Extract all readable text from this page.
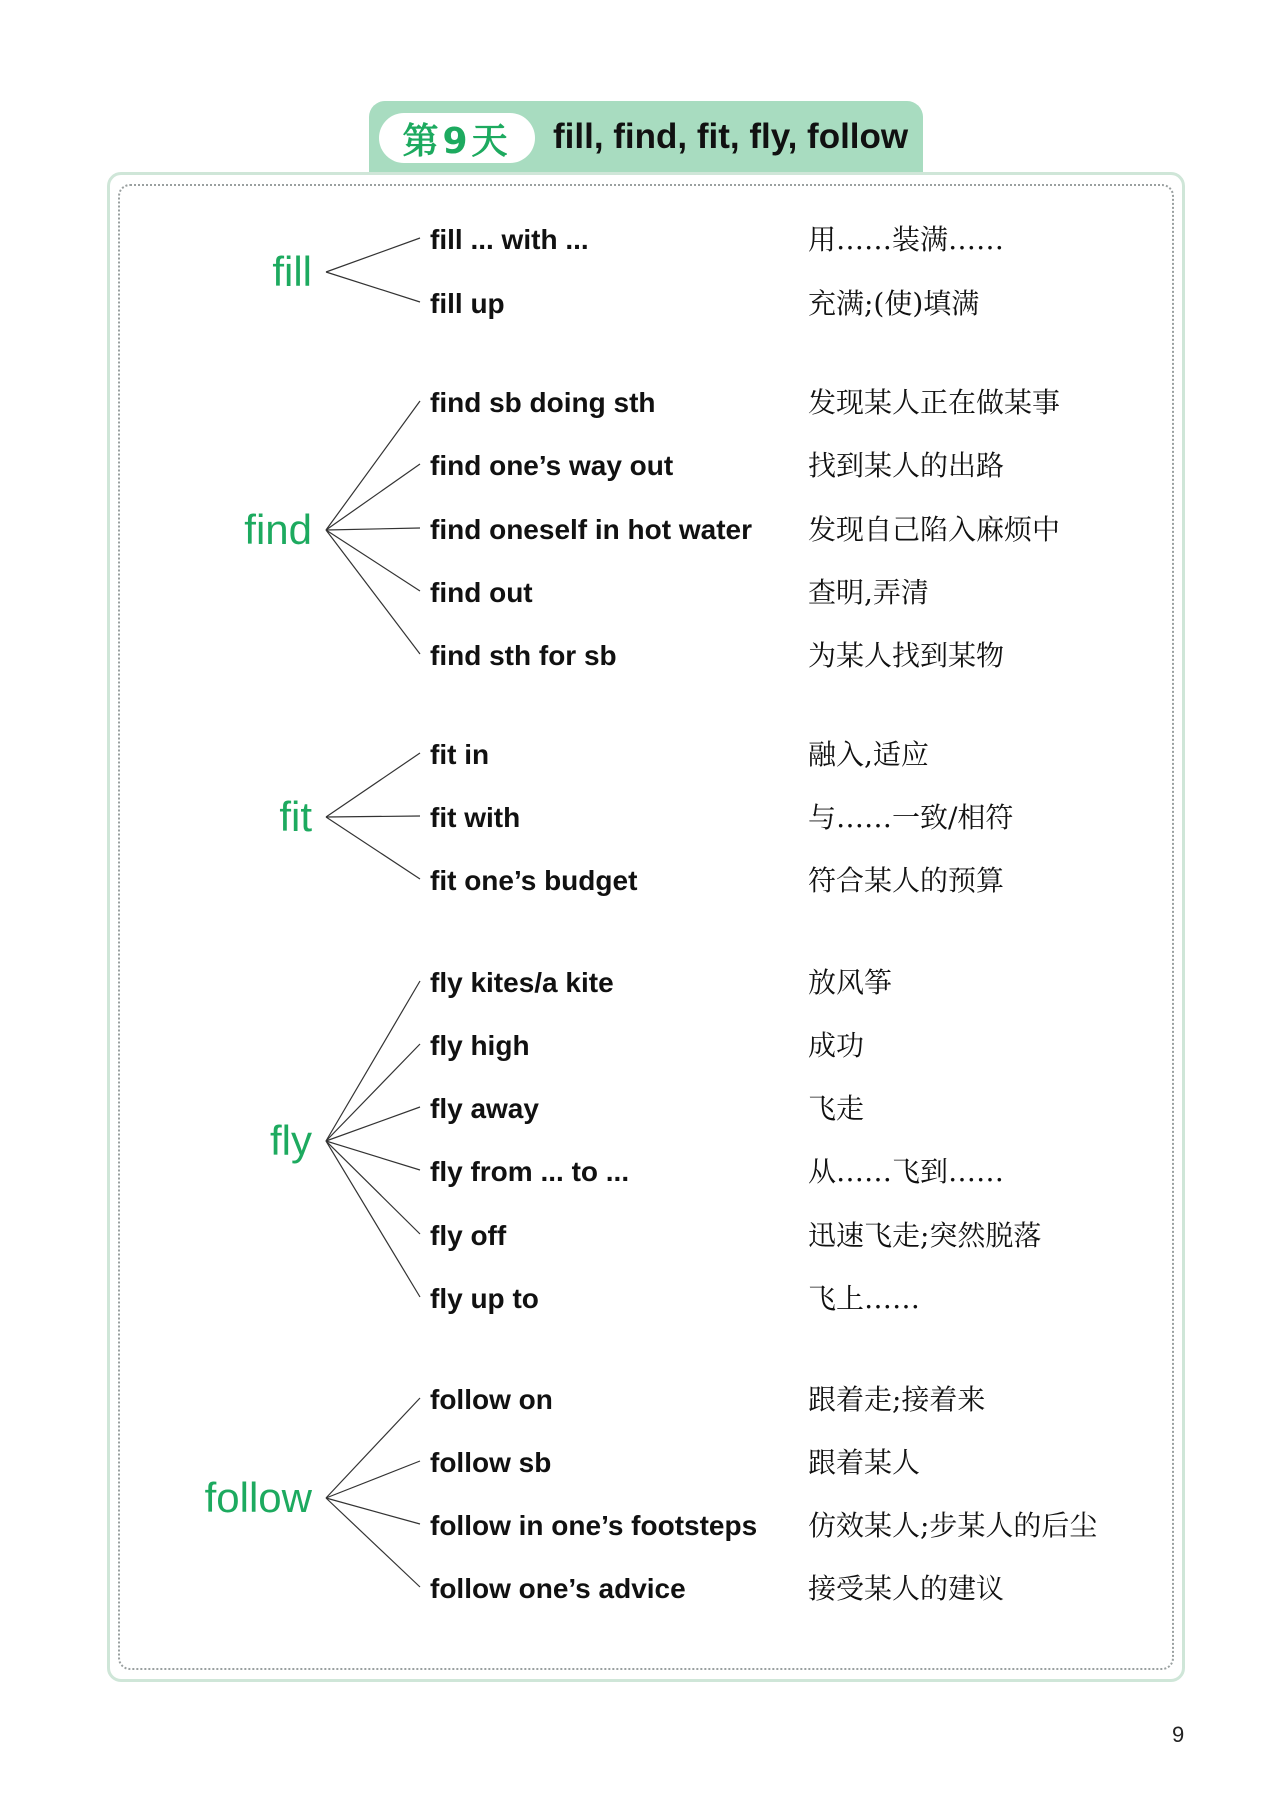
第9天	fill, find, fit, fly, follow
fill
fill ... with ...	用……装满……
fill up	充满;(使)填满
find
find sb doing sth	发现某人正在做某事
find one’s way out	找到某人的出路
find oneself in hot water 发现自己陷入麻烦中
find out	查明,弄清
find sth for sb	为某人找到某物
fit
fit in	融入,适应
fit with	与……一致/相符
fit one’s budget	符合某人的预算
fly
fly kites/a kite	放风筝
fly high	成功
fly away	飞走
fly from ... to ...	从……飞到……
fly off	迅速飞走;突然脱落
fly up to	飞上……
follow
follow on	跟着走;接着来
follow sb	跟着某人
follow in one’s footsteps 仿效某人;步某人的后尘
follow one’s advice	接受某人的建议
9
